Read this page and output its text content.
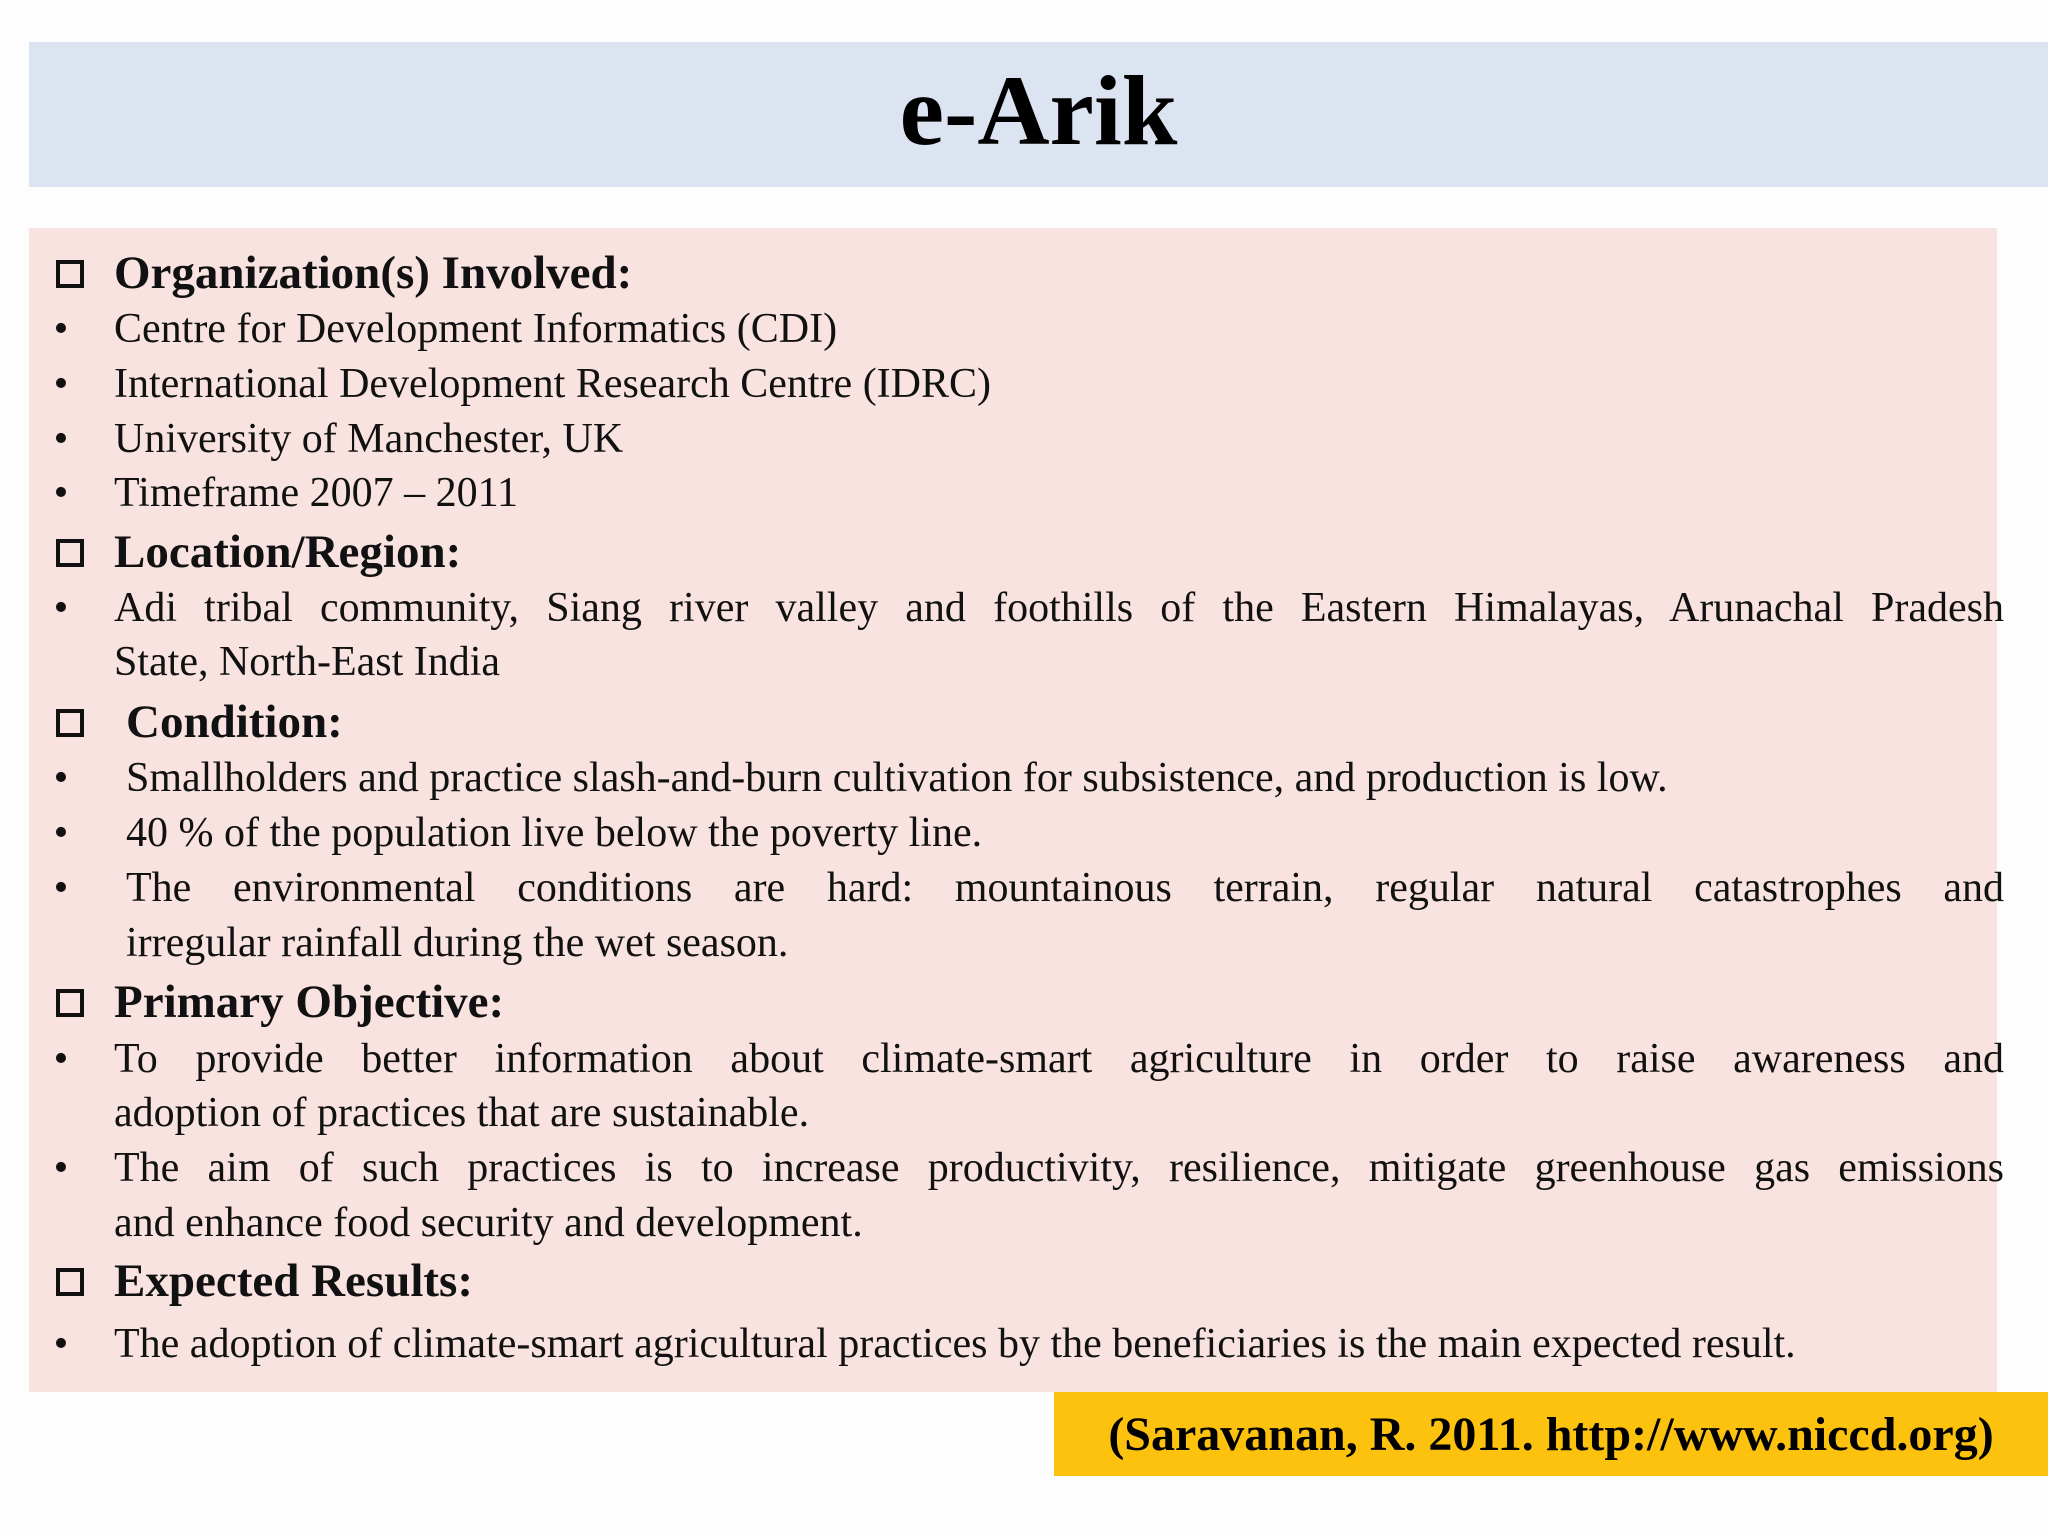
e-Arik
Organization(s) Involved:
• Centre for Development Informatics (CDI)
• International Development Research Centre (IDRC)
• University of Manchester, UK
• Timeframe 2007 – 2011
Location/Region:
• Adi tribal community, Siang river valley and foothills of the Eastern Himalayas, Arunachal Pradesh
State, North-East India
Condition:
• Smallholders and practice slash-and-burn cultivation for subsistence, and production is low.
• 40 % of the population live below the poverty line.
• The environmental conditions are hard: mountainous terrain, regular natural catastrophes and
irregular rainfall during the wet season.
Primary Objective:
• To provide better information about climate-smart agriculture in order to raise awareness and
adoption of practices that are sustainable.
• The aim of such practices is to increase productivity, resilience, mitigate greenhouse gas emissions
and enhance food security and development.
Expected Results:
• The adoption of climate-smart agricultural practices by the beneficiaries is the main expected result.
(Saravanan, R. 2011. http://www.niccd.org)
